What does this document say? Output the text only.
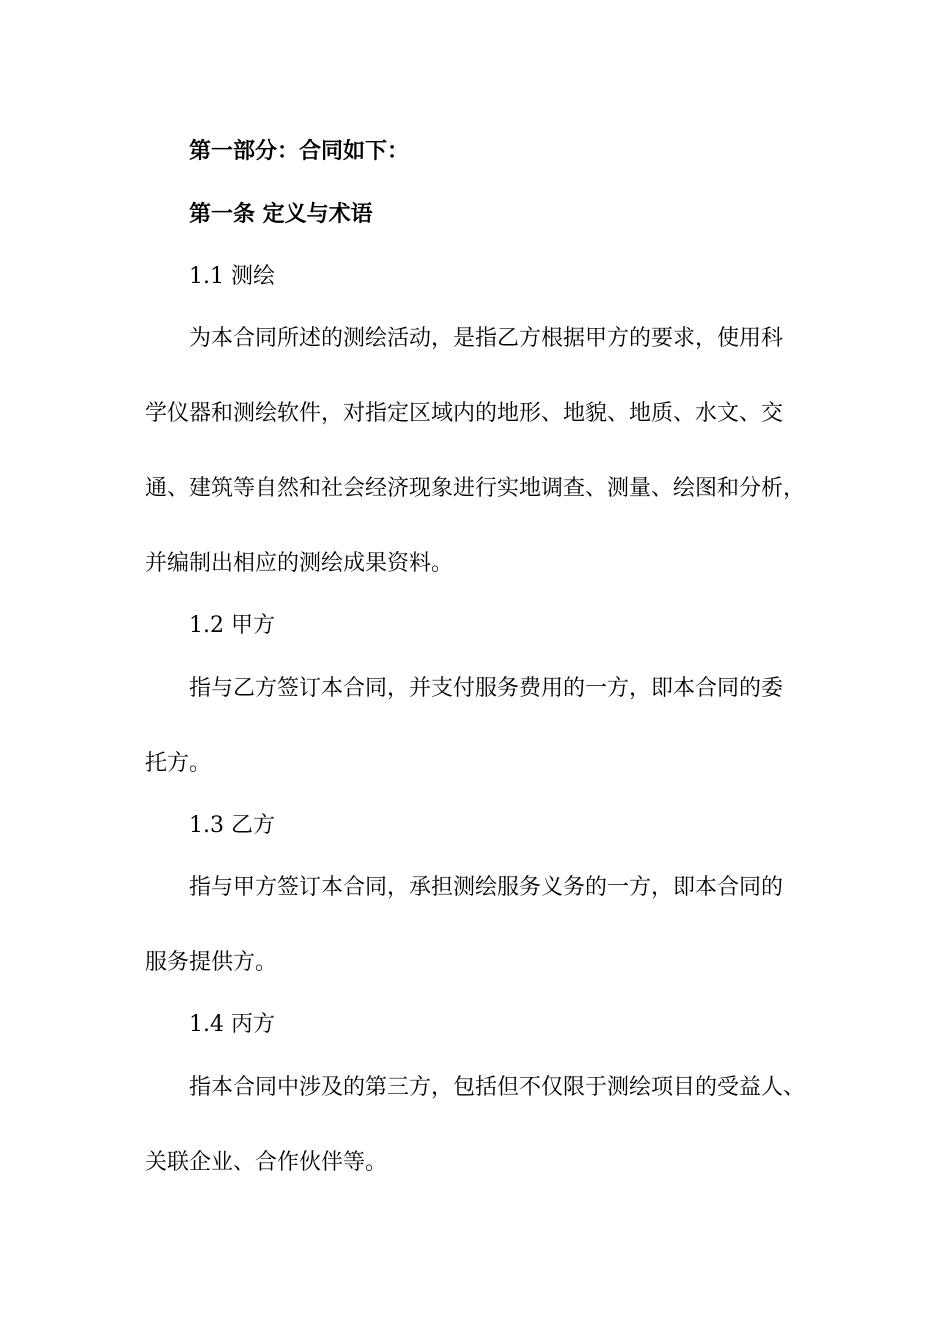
第一部分：合同如下：

第一条 定义与术语

1.1 测绘

为本合同所述的测绘活动，是指乙方根据甲方的要求，使用科

学仪器和测绘软件，对指定区域内的地形、地貌、地质、水文、交

通、建筑等自然和社会经济现象进行实地调查、测量、绘图和分析，

并编制出相应的测绘成果资料。

1.2 甲方

指与乙方签订本合同，并支付服务费用的一方，即本合同的委

托方。

1.3 乙方

指与甲方签订本合同，承担测绘服务义务的一方，即本合同的

服务提供方。

1.4 丙方

指本合同中涉及的第三方，包括但不仅限于测绘项目的受益人、

关联企业、合作伙伴等。
